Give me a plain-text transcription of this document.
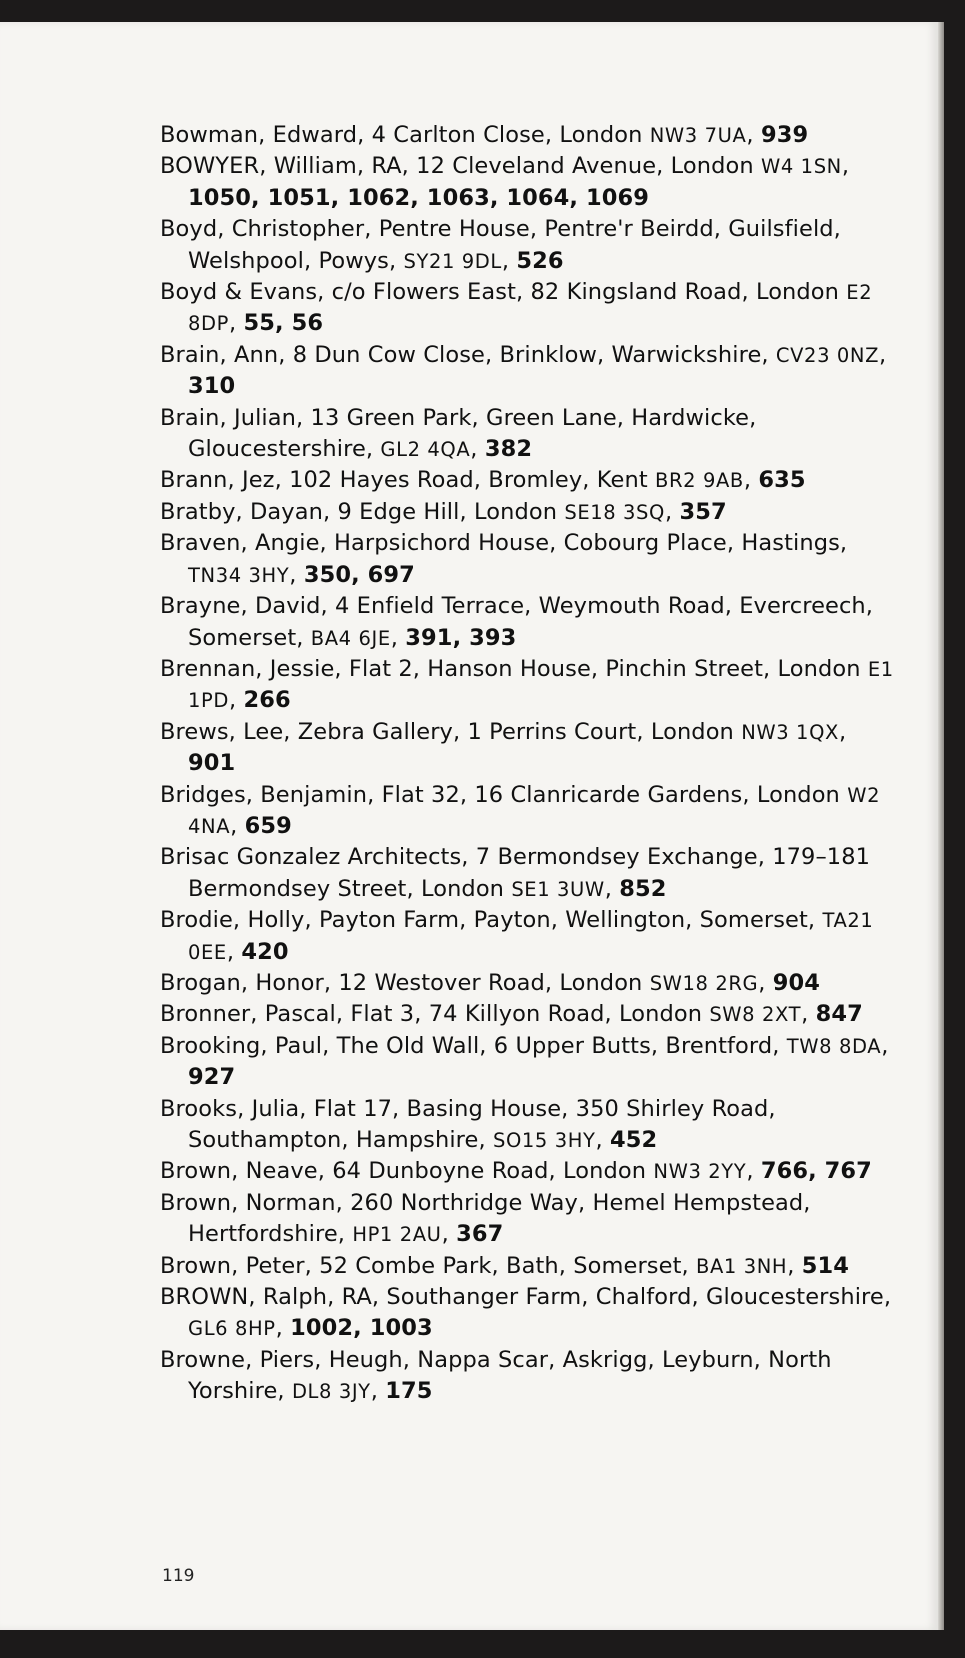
Bowman, Edward, 4 Carlton Close, London NW3 7UA, 939

BOWYER, William, RA, 12 Cleveland Avenue, London W4 1SN, 1050, 1051, 1062, 1063, 1064, 1069

Boyd, Christopher, Pentre House, Pentre'r Beirdd, Guilsfield, Welshpool, Powys, SY21 9DL, 526

Boyd & Evans, c/o Flowers East, 82 Kingsland Road, London E2 8DP, 55, 56

Brain, Ann, 8 Dun Cow Close, Brinklow, Warwickshire, CV23 0NZ, 310

Brain, Julian, 13 Green Park, Green Lane, Hardwicke, Gloucestershire, GL2 4QA, 382

Brann, Jez, 102 Hayes Road, Bromley, Kent BR2 9AB, 635

Bratby, Dayan, 9 Edge Hill, London SE18 3SQ, 357

Braven, Angie, Harpsichord House, Cobourg Place, Hastings, TN34 3HY, 350, 697

Brayne, David, 4 Enfield Terrace, Weymouth Road, Evercreech, Somerset, BA4 6JE, 391, 393

Brennan, Jessie, Flat 2, Hanson House, Pinchin Street, London E1 1PD, 266

Brews, Lee, Zebra Gallery, 1 Perrins Court, London NW3 1QX, 901

Bridges, Benjamin, Flat 32, 16 Clanricarde Gardens, London W2 4NA, 659

Brisac Gonzalez Architects, 7 Bermondsey Exchange, 179–181 Bermondsey Street, London SE1 3UW, 852

Brodie, Holly, Payton Farm, Payton, Wellington, Somerset, TA21 0EE, 420

Brogan, Honor, 12 Westover Road, London SW18 2RG, 904

Bronner, Pascal, Flat 3, 74 Killyon Road, London SW8 2XT, 847

Brooking, Paul, The Old Wall, 6 Upper Butts, Brentford, TW8 8DA, 927

Brooks, Julia, Flat 17, Basing House, 350 Shirley Road, Southampton, Hampshire, SO15 3HY, 452

Brown, Neave, 64 Dunboyne Road, London NW3 2YY, 766, 767

Brown, Norman, 260 Northridge Way, Hemel Hempstead, Hertfordshire, HP1 2AU, 367

Brown, Peter, 52 Combe Park, Bath, Somerset, BA1 3NH, 514

BROWN, Ralph, RA, Southanger Farm, Chalford, Gloucestershire, GL6 8HP, 1002, 1003

Browne, Piers, Heugh, Nappa Scar, Askrigg, Leyburn, North Yorshire, DL8 3JY, 175

119
